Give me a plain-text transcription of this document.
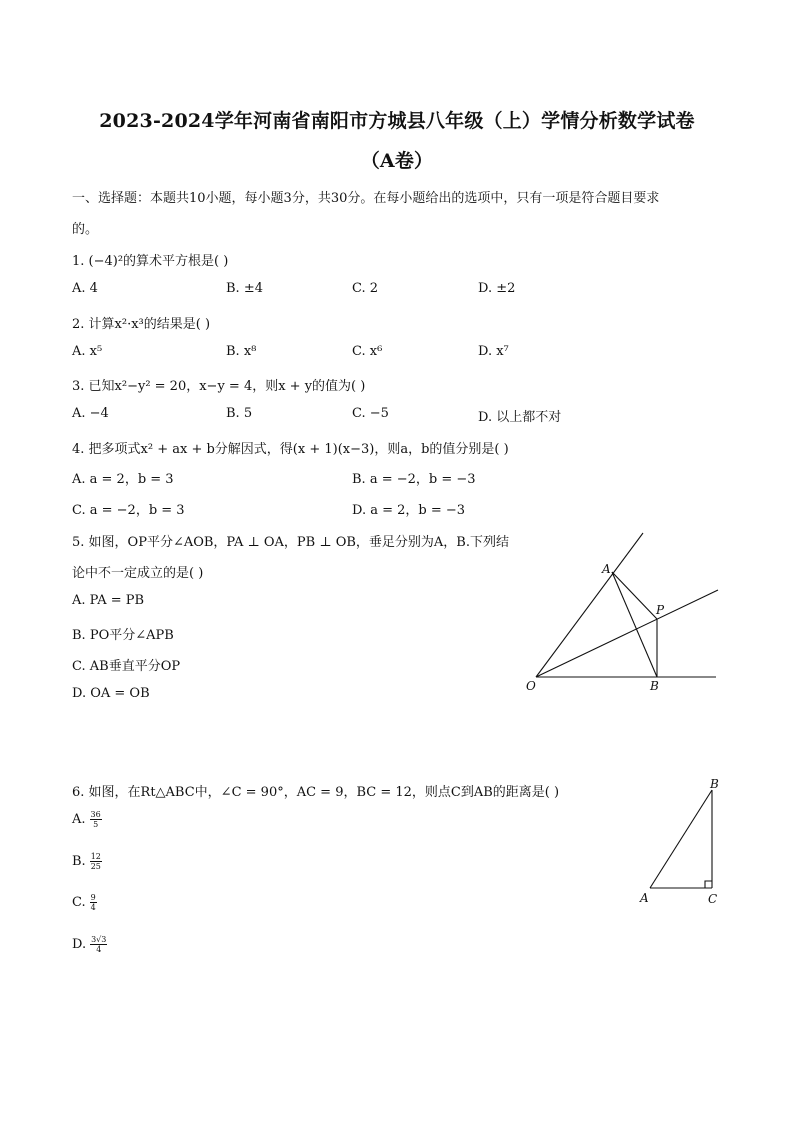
2023-2024学年河南省南阳市方城县八年级（上）学情分析数学试卷
（A卷）
一、选择题：本题共10小题，每小题3分，共30分。在每小题给出的选项中，只有一项是符合题目要求
的。
1. (−4)²的算术平方根是( )
A. 4	B. ±4	C. 2	D. ±2
2. 计算x²·x³的结果是( )
A. x⁵	B. x⁸	C. x⁶	D. x⁷
3. 已知x²−y² = 20，x−y = 4，则x + y的值为( )
A. −4	B. 5	C. −5	D. 以上都不对
4. 把多项式x² + ax + b分解因式，得(x + 1)(x−3)，则a，b的值分别是( )
A. a = 2，b = 3	B. a = −2，b = −3
C. a = −2，b = 3	D. a = 2，b = −3
5. 如图，OP平分∠AOB，PA ⊥ OA，PB ⊥ OB，垂足分别为A，B.下列结
论中不一定成立的是( )
A. PA = PB
B. PO平分∠APB
C. AB垂直平分OP
D. OA = OB
A
P
O	B
6. 如图，在Rt△ABC中，∠C = 90°，AC = 9，BC = 12，则点C到AB的距离是( )
A. $\frac{36}{5}$
B. $\frac{12}{25}$
C. $\frac{9}{4}$
D. $\frac{3√3}{4}$
B
A	C
